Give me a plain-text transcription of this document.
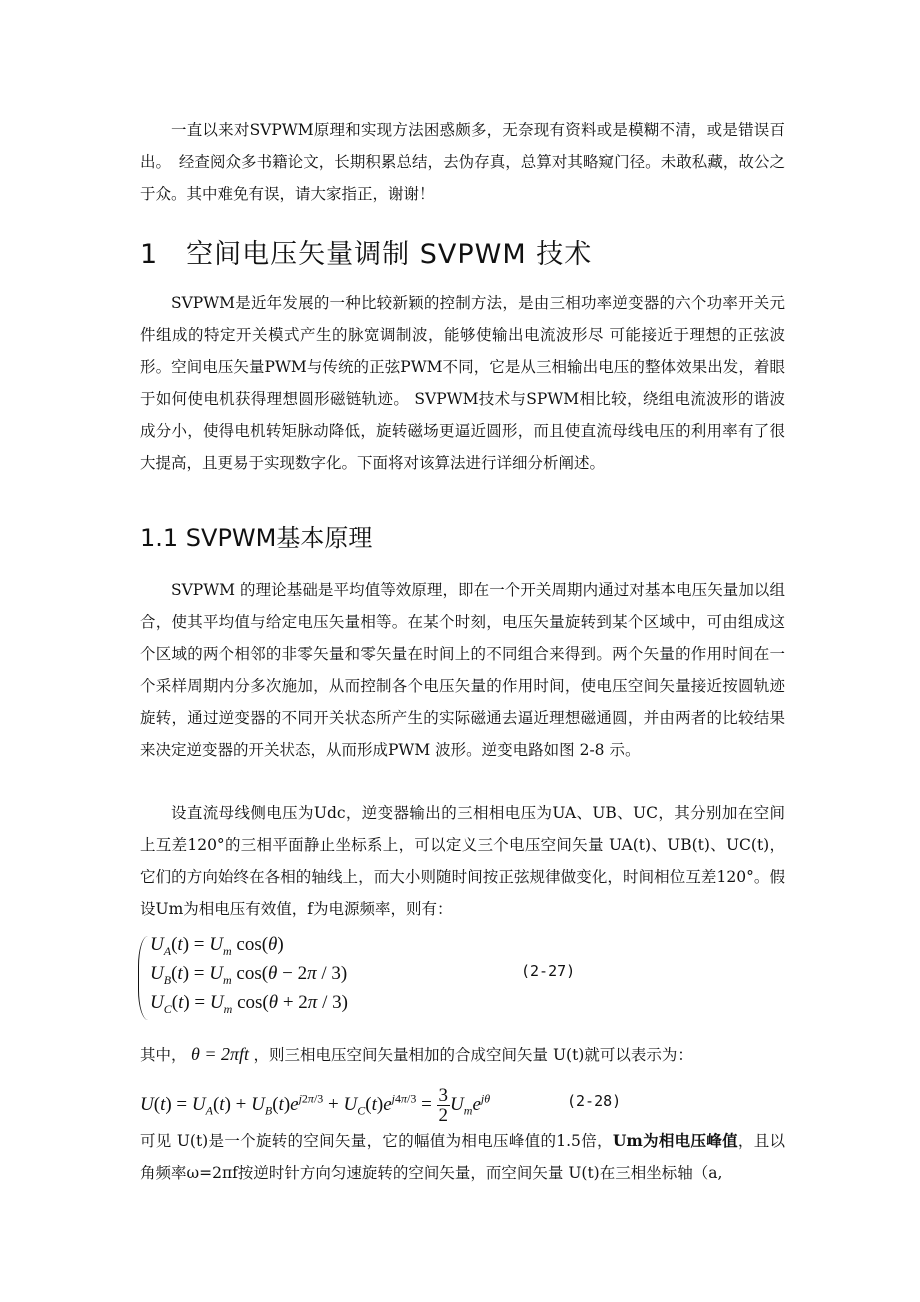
一直以来对SVPWM原理和实现方法困惑颇多，无奈现有资料或是模糊不清，或是错误百出。　经查阅众多书籍论文，长期积累总结，去伪存真，总算对其略窥门径。未敢私藏，故公之于众。其中难免有误，请大家指正，谢谢！

1　空间电压矢量调制 SVPWM 技术

SVPWM是近年发展的一种比较新颖的控制方法，是由三相功率逆变器的六个功率开关元件组成的特定开关模式产生的脉宽调制波，能够使输出电流波形尽 可能接近于理想的正弦波形。空间电压矢量PWM与传统的正弦PWM不同，它是从三相输出电压的整体效果出发，着眼于如何使电机获得理想圆形磁链轨迹。 SVPWM技术与SPWM相比较，绕组电流波形的谐波成分小，使得电机转矩脉动降低，旋转磁场更逼近圆形，而且使直流母线电压的利用率有了很大提高，且更易于实现数字化。下面将对该算法进行详细分析阐述。

1.1 SVPWM基本原理

SVPWM 的理论基础是平均值等效原理，即在一个开关周期内通过对基本电压矢量加以组合，使其平均值与给定电压矢量相等。在某个时刻，电压矢量旋转到某个区域中，可由组成这个区域的两个相邻的非零矢量和零矢量在时间上的不同组合来得到。两个矢量的作用时间在一个采样周期内分多次施加，从而控制各个电压矢量的作用时间，使电压空间矢量接近按圆轨迹旋转，通过逆变器的不同开关状态所产生的实际磁通去逼近理想磁通圆，并由两者的比较结果来决定逆变器的开关状态，从而形成PWM 波形。逆变电路如图 2-8 示。

设直流母线侧电压为Udc，逆变器输出的三相相电压为UA、UB、UC，其分别加在空间上互差120°的三相平面静止坐标系上，可以定义三个电压空间矢量 UA(t)、UB(t)、UC(t)，它们的方向始终在各相的轴线上，而大小则随时间按正弦规律做变化，时间相位互差120°。假设Um为相电压有效值，f为电源频率，则有：

$U_A(t) = U_m$ cos(θ)
$U_B(t) = U_m$ cos(θ − 2π / 3)
$U_C(t) = U_m$ cos(θ + 2π / 3)
(2-27)
其中， θ = 2πft ，则三相电压空间矢量相加的合成空间矢量 U(t)就可以表示为：
$U(t) = U_A(t) + U_B(t)e^{j2\pi/3} + U_C(t)e^{j4\pi/3} = \frac{3}{2} U_me^{j\theta}$	(2-28)

可见 U(t)是一个旋转的空间矢量，它的幅值为相电压峰值的1.5倍，Um为相电压峰值，且以角频率ω=2πf按逆时针方向匀速旋转的空间矢量，而空间矢量 U(t)在三相坐标轴（a,
